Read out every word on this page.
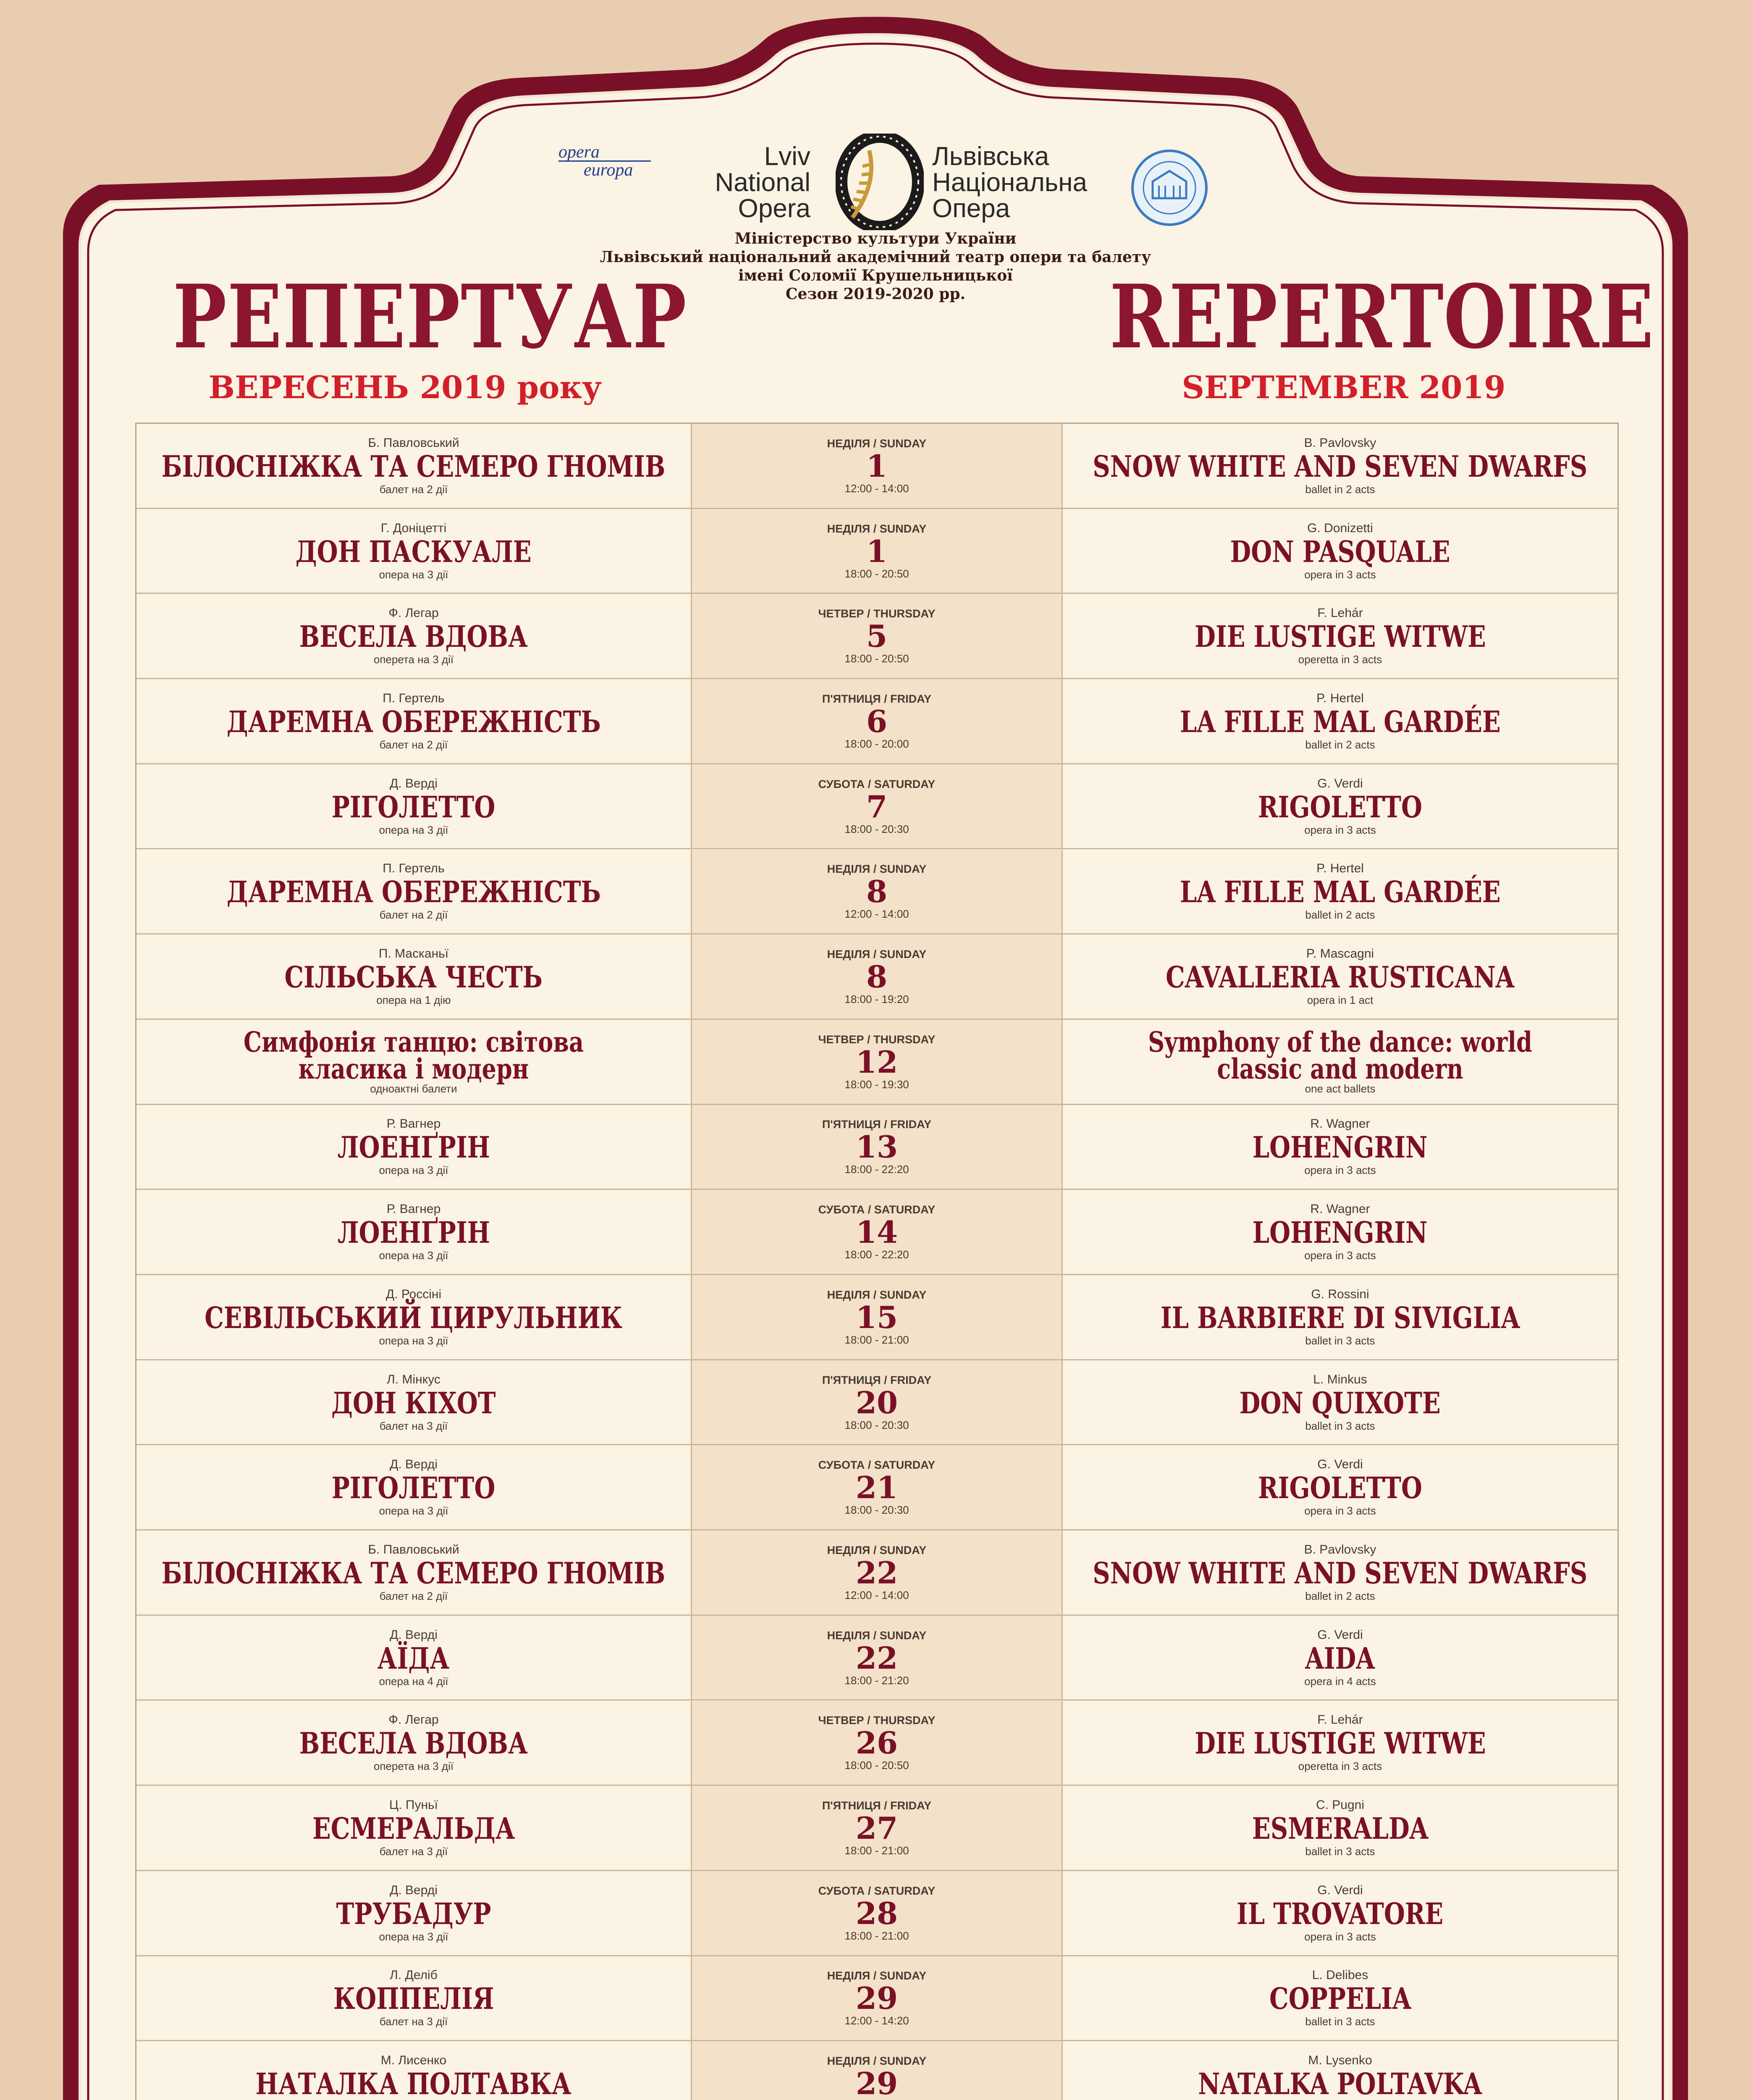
opera
europa	Lviv
National
Opera
Львівська
Національна
Опера
Міністерство культури України
Львівський національний академічний театр опери та балету
імені Соломії Крушельницької
Сезон 2019-2020 рр.
РЕПЕРТУАР
ВЕРЕСЕНЬ 2019 року
REPERTOIRE
SEPTEMBER 2019
Б. Павловський
БІЛОСНІЖКА ТА СЕМЕРО ГНОМІВ
балет на 2 дії
НЕДІЛЯ / SUNDAY
1
12:00 - 14:00
B. Pavlovsky
SNOW WHITE AND SEVEN DWARFS
ballet in 2 acts
Г. Доніцетті
ДОН ПАСКУАЛЕ
опера на 3 дії
НЕДІЛЯ / SUNDAY
1
18:00 - 20:50
G. Donizetti
DON PASQUALE
opera in 3 acts
Ф. Легар
ВЕСЕЛА ВДОВА
оперета на 3 дії
ЧЕТВЕР / THURSDAY
5
18:00 - 20:50
F. Lehár
DIE LUSTIGE WITWE
operetta in 3 acts
П. Гертель
ДАРЕМНА ОБЕРЕЖНІСТЬ
балет на 2 дії
П'ЯТНИЦЯ / FRIDAY
6
18:00 - 20:00
P. Hertel
LA FILLE MAL GARDÉE
ballet in 2 acts
Д. Верді
РІГОЛЕТТО
опера на 3 дії
СУБОТА / SATURDAY
7
18:00 - 20:30
G. Verdi
RIGOLETTO
opera in 3 acts
П. Гертель
ДАРЕМНА ОБЕРЕЖНІСТЬ
балет на 2 дії
НЕДІЛЯ / SUNDAY
8
12:00 - 14:00
P. Hertel
LA FILLE MAL GARDÉE
ballet in 2 acts
П. Масканьї
СІЛЬСЬКА ЧЕСТЬ
опера на 1 дію
НЕДІЛЯ / SUNDAY
8
18:00 - 19:20
P. Mascagni
CAVALLERIA RUSTICANA
opera in 1 act
Симфонія танцю: світова класика і модерн
одноактні балети
ЧЕТВЕР / THURSDAY
12
18:00 - 19:30
Symphony of the dance: world classic and modern
one act ballets
Р. Вагнер
ЛОЕНҐРІН
опера на 3 дії
П'ЯТНИЦЯ / FRIDAY
13
18:00 - 22:20
R. Wagner
LOHENGRIN
opera in 3 acts
Р. Вагнер
ЛОЕНҐРІН
опера на 3 дії
СУБОТА / SATURDAY
14
18:00 - 22:20
R. Wagner
LOHENGRIN
opera in 3 acts
Д. Россіні
СЕВІЛЬСЬКИЙ ЦИРУЛЬНИК
опера на 3 дії
НЕДІЛЯ / SUNDAY
15
18:00 - 21:00
G. Rossini
IL BARBIERE DI SIVIGLIA
ballet in 3 acts
Л. Мінкус
ДОН КІХОТ
балет на 3 дії
П'ЯТНИЦЯ / FRIDAY
20
18:00 - 20:30
L. Minkus
DON QUIXOTE
ballet in 3 acts
Д. Верді
РІГОЛЕТТО
опера на 3 дії
СУБОТА / SATURDAY
21
18:00 - 20:30
G. Verdi
RIGOLETTO
opera in 3 acts
Б. Павловський
БІЛОСНІЖКА ТА СЕМЕРО ГНОМІВ
балет на 2 дії
НЕДІЛЯ / SUNDAY
22
12:00 - 14:00
B. Pavlovsky
SNOW WHITE AND SEVEN DWARFS
ballet in 2 acts
Д. Верді
АЇДА
опера на 4 дії
НЕДІЛЯ / SUNDAY
22
18:00 - 21:20
G. Verdi
AIDA
opera in 4 acts
Ф. Легар
ВЕСЕЛА ВДОВА
оперета на 3 дії
ЧЕТВЕР / THURSDAY
26
18:00 - 20:50
F. Lehár
DIE LUSTIGE WITWE
operetta in 3 acts
Ц. Пуньї
ЕСМЕРАЛЬДА
балет на 3 дії
П'ЯТНИЦЯ / FRIDAY
27
18:00 - 21:00
C. Pugni
ESMERALDA
ballet in 3 acts
Д. Верді
ТРУБАДУР
опера на 3 дії
СУБОТА / SATURDAY
28
18:00 - 21:00
G. Verdi
IL TROVATORE
opera in 3 acts
Л. Деліб
КОППЕЛІЯ
балет на 3 дії
НЕДІЛЯ / SUNDAY
29
12:00 - 14:20
L. Delibes
COPPELIA
ballet in 3 acts
М. Лисенко
НАТАЛКА ПОЛТАВКА
НЕДІЛЯ / SUNDAY
29
M. Lysenko
NATALKA POLTAVKA
